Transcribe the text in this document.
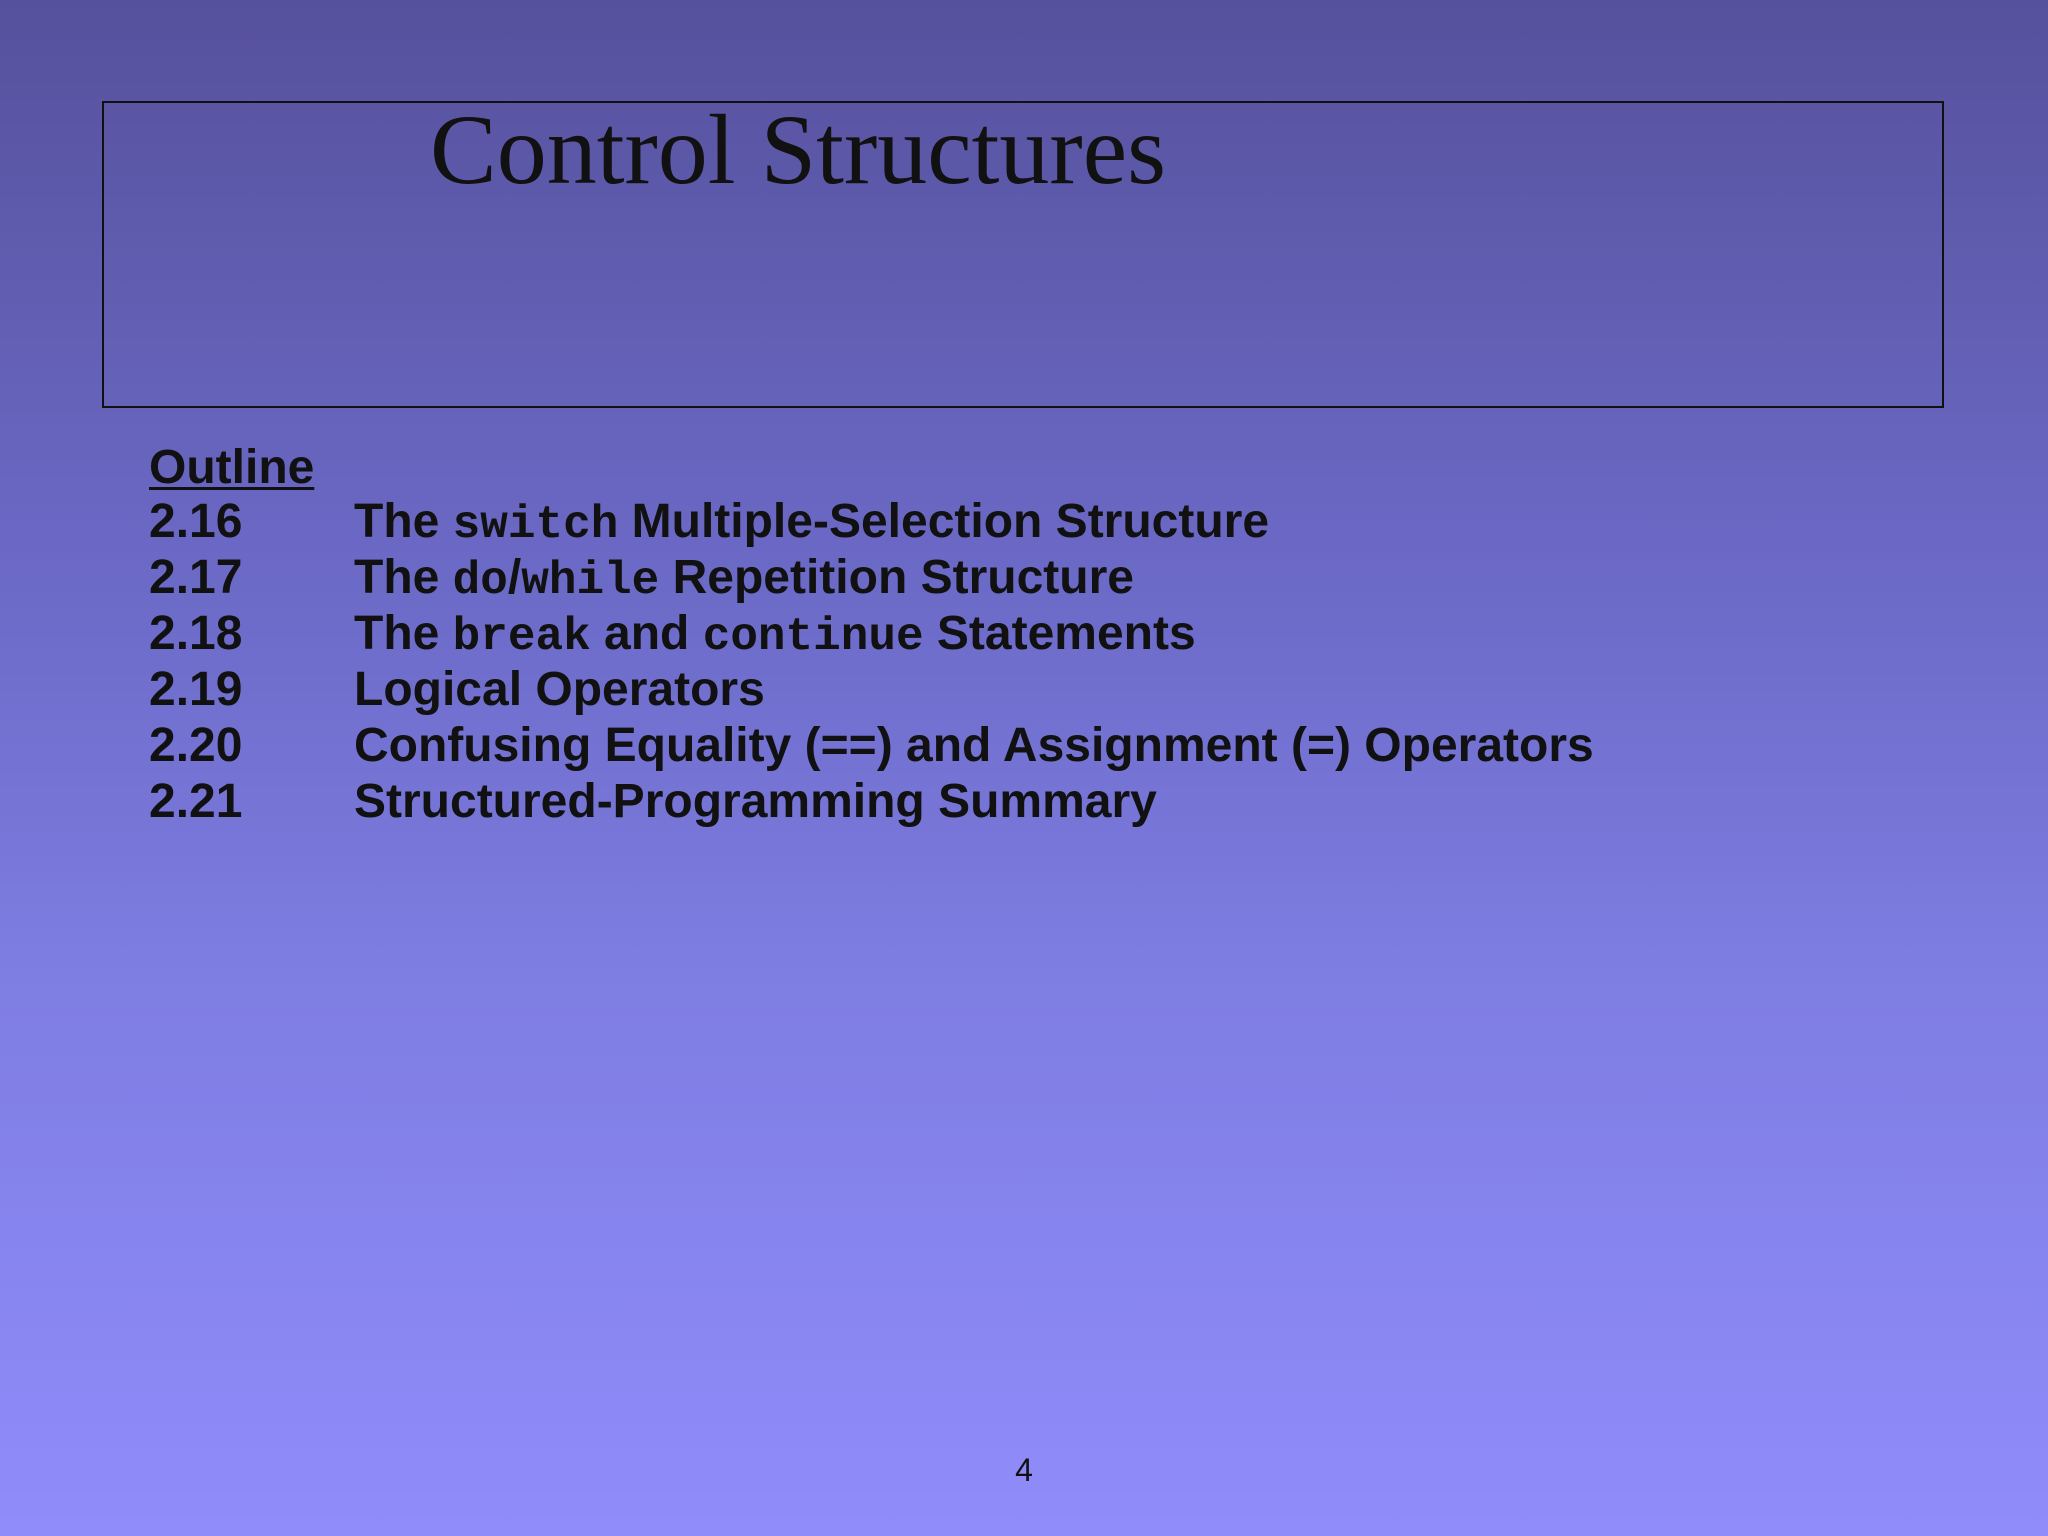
Control Structures
Outline
2.16	The switch Multiple-Selection Structure
2.17	The do/while Repetition Structure
2.18	The break and continue Statements
2.19	Logical Operators
2.20	Confusing Equality (==) and Assignment (=) Operators
2.21	Structured-Programming Summary
4
